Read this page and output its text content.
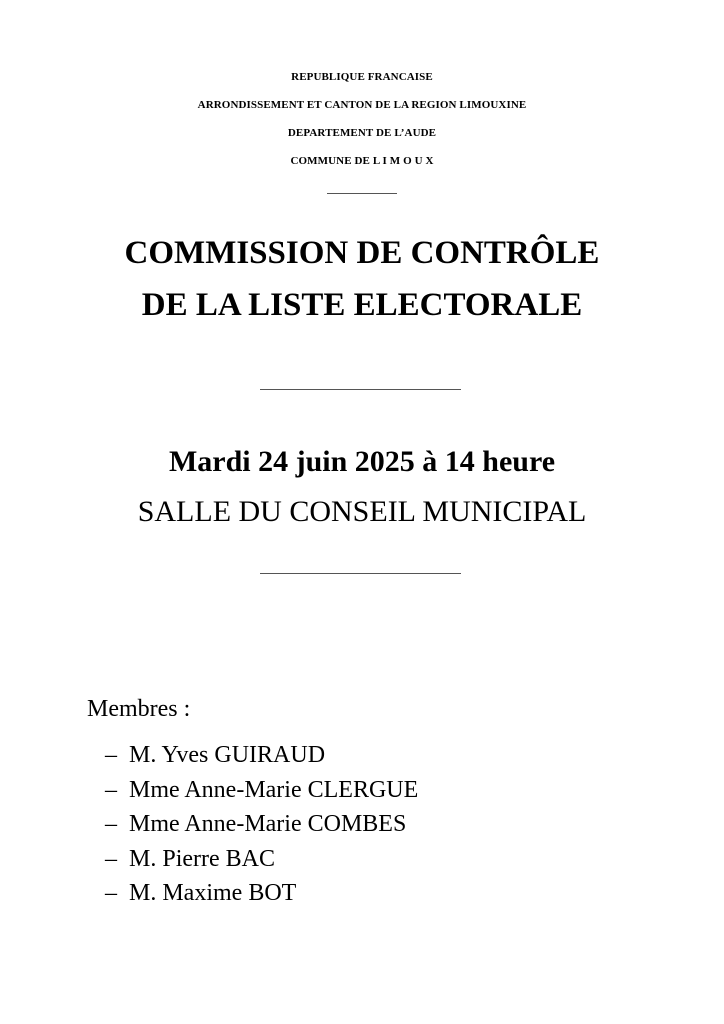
REPUBLIQUE FRANCAISE
ARRONDISSEMENT ET CANTON DE LA REGION LIMOUXINE
DEPARTEMENT DE L’AUDE
COMMUNE DE L I M O U X
COMMISSION DE CONTRÔLE
DE LA LISTE ELECTORALE
Mardi 24 juin 2025 à 14 heure
SALLE DU CONSEIL MUNICIPAL
Membres :
– M. Yves GUIRAUD
– Mme Anne-Marie CLERGUE
– Mme Anne-Marie COMBES
– M. Pierre BAC
– M. Maxime BOT
